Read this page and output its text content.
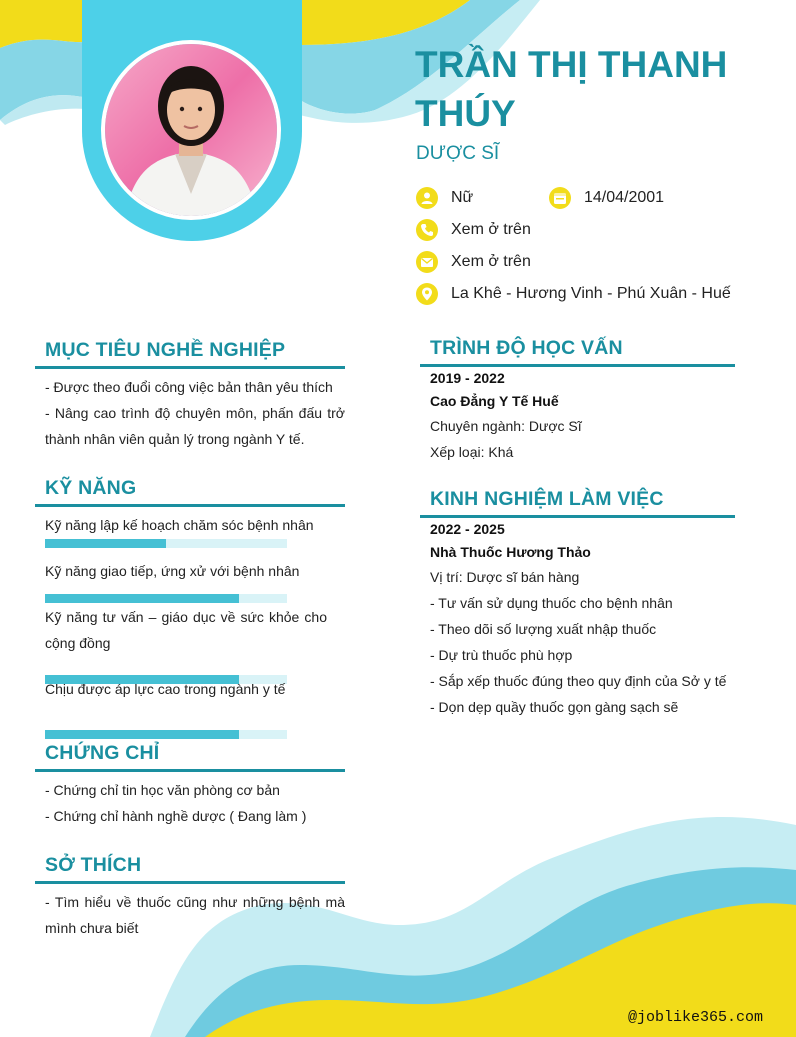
TRẦN THỊ THANH
THÚY
DƯỢC SĨ
Nữ	14/04/2001
Xem ở trên
Xem ở trên
La Khê - Hương Vinh - Phú Xuân - Huế
MỤC TIÊU NGHỀ NGHIỆP
- Được theo đuổi công việc bản thân yêu thích
- Nâng cao trình độ chuyên môn, phấn đấu trở thành nhân viên quản lý trong ngành Y tế.
KỸ NĂNG
Kỹ năng lập kế hoạch chăm sóc bệnh nhân
Kỹ năng giao tiếp, ứng xử với bệnh nhân
Kỹ năng tư vấn – giáo dục về sức khỏe cho cộng đồng
Chịu được áp lực cao trong ngành y tế
CHỨNG CHỈ
- Chứng chỉ tin học văn phòng cơ bản
- Chứng chỉ hành nghề dược ( Đang làm )
SỞ THÍCH
- Tìm hiểu về thuốc cũng như những bệnh mà mình chưa biết
TRÌNH ĐỘ HỌC VẤN
2019 - 2022
Cao Đẳng Y Tế Huế
Chuyên ngành: Dược Sĩ
Xếp loại: Khá
KINH NGHIỆM LÀM VIỆC
2022 - 2025
Nhà Thuốc Hương Thảo
Vị trí: Dược sĩ bán hàng
- Tư vấn sử dụng thuốc cho bệnh nhân
- Theo dõi số lượng xuất nhập thuốc
- Dự trù thuốc phù hợp
- Sắp xếp thuốc đúng theo quy định của Sở y tế
- Dọn dẹp quầy thuốc gọn gàng sạch sẽ
@joblike365.com
